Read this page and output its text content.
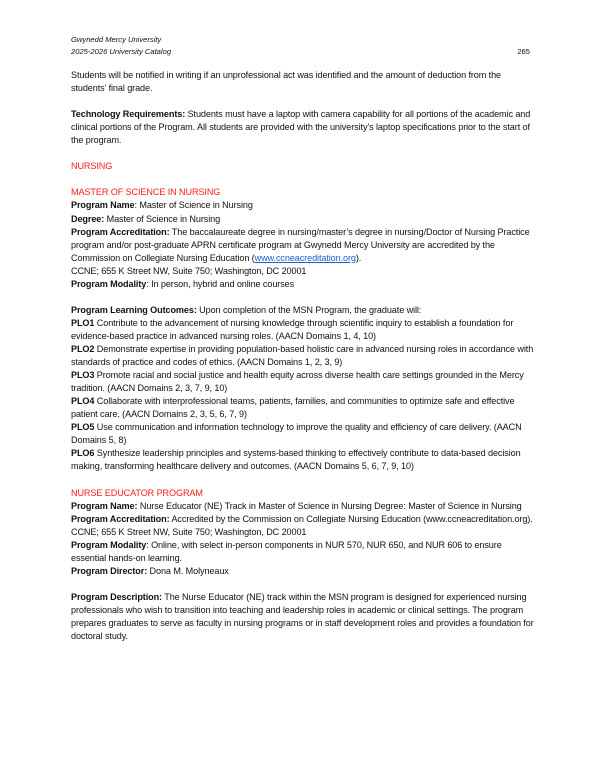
Gwynedd Mercy University
2025-2026 University Catalog	265

Students will be notified in writing if an unprofessional act was identified and the amount of deduction from the students’ final grade.

Technology Requirements: Students must have a laptop with camera capability for all portions of the academic and clinical portions of the Program. All students are provided with the university’s laptop specifications prior to the start of the program.

NURSING

MASTER OF SCIENCE IN NURSING

Program Name: Master of Science in Nursing

Degree: Master of Science in Nursing

Program Accreditation: The baccalaureate degree in nursing/master’s degree in nursing/Doctor of Nursing Practice program and/or post-graduate APRN certificate program at Gwynedd Mercy University are accredited by the Commission on Collegiate Nursing Education (www.ccneacreditation.org).

CCNE; 655 K Street NW, Suite 750; Washington, DC 20001

Program Modality: In person, hybrid and online courses

Program Learning Outcomes: Upon completion of the MSN Program, the graduate will:

PLO1 Contribute to the advancement of nursing knowledge through scientific inquiry to establish a foundation for evidence-based practice in advanced nursing roles. (AACN Domains 1, 4, 10)

PLO2 Demonstrate expertise in providing population-based holistic care in advanced nursing roles in accordance with standards of practice and codes of ethics. (AACN Domains 1, 2, 3, 9)

PLO3 Promote racial and social justice and health equity across diverse health care settings grounded in the Mercy tradition. (AACN Domains 2, 3, 7, 9, 10)

PLO4 Collaborate with interprofessional teams, patients, families, and communities to optimize safe and effective patient care. (AACN Domains 2, 3, 5, 6, 7, 9)

PLO5 Use communication and information technology to improve the quality and efficiency of care delivery. (AACN Domains 5, 8)

PLO6 Synthesize leadership principles and systems-based thinking to effectively contribute to data-based decision making, transforming healthcare delivery and outcomes. (AACN Domains 5, 6, 7, 9, 10)

NURSE EDUCATOR PROGRAM

Program Name: Nurse Educator (NE) Track in Master of Science in Nursing Degree: Master of Science in Nursing

Program Accreditation: Accredited by the Commission on Collegiate Nursing Education (www.ccneacreditation.org). CCNE; 655 K Street NW, Suite 750; Washington, DC 20001

Program Modality: Online, with select in-person components in NUR 570, NUR 650, and NUR 606 to ensure essential hands-on learning.

Program Director: Dona M. Molyneaux

Program Description: The Nurse Educator (NE) track within the MSN program is designed for experienced nursing professionals who wish to transition into teaching and leadership roles in academic or clinical settings. The program prepares graduates to serve as faculty in nursing programs or in staff development roles and provides a foundation for doctoral study.
